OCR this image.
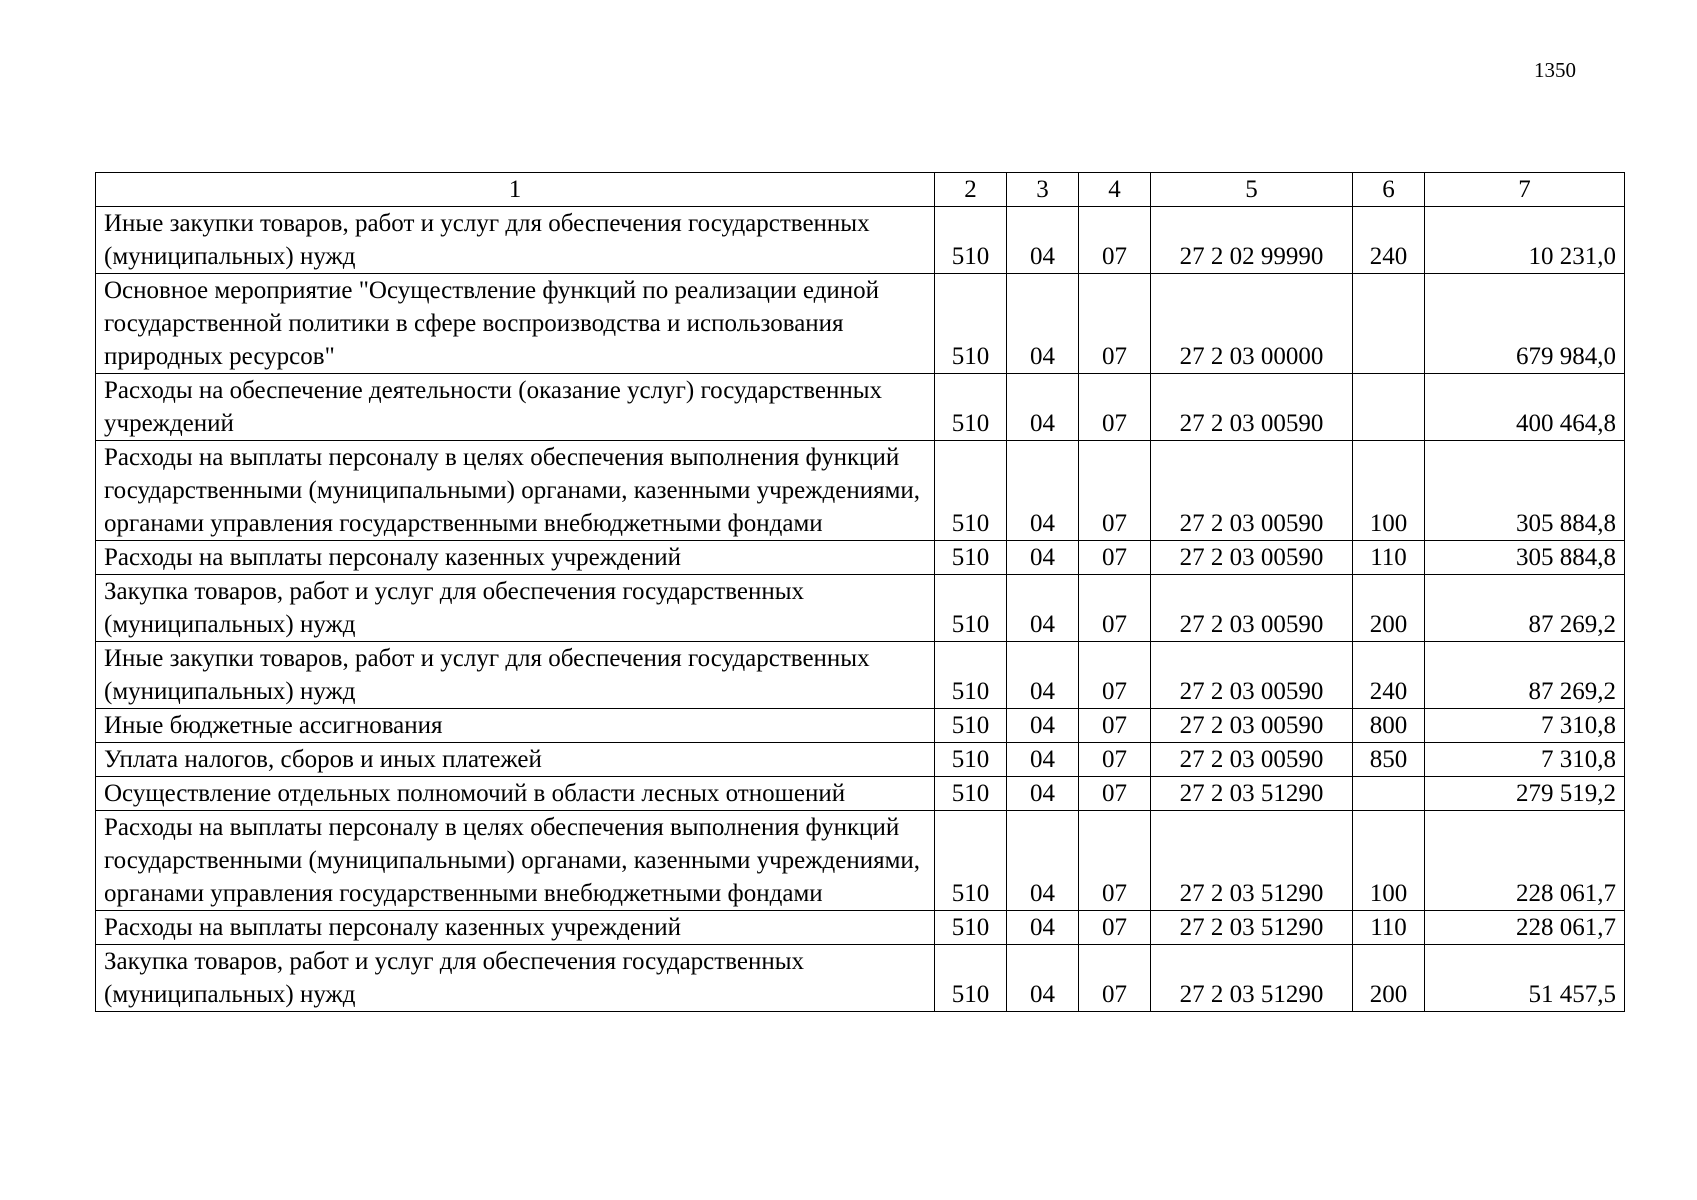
1350
1	2	3	4	5	6	7
Иные закупки товаров, работ и услуг для обеспечения государственных (муниципальных) нужд	510	04	07	27 2 02 99990	240	10 231,0
Основное мероприятие "Осуществление функций по реализации единой государственной политики в сфере воспроизводства и использования природных ресурсов"	510	04	07	27 2 03 00000		679 984,0
Расходы на обеспечение деятельности (оказание услуг) государственных учреждений	510	04	07	27 2 03 00590		400 464,8
Расходы на выплаты персоналу в целях обеспечения выполнения функций государственными (муниципальными) органами, казенными учреждениями, органами управления государственными внебюджетными фондами	510	04	07	27 2 03 00590	100	305 884,8
Расходы на выплаты персоналу казенных учреждений	510	04	07	27 2 03 00590	110	305 884,8
Закупка товаров, работ и услуг для обеспечения государственных (муниципальных) нужд	510	04	07	27 2 03 00590	200	87 269,2
Иные закупки товаров, работ и услуг для обеспечения государственных (муниципальных) нужд	510	04	07	27 2 03 00590	240	87 269,2
Иные бюджетные ассигнования	510	04	07	27 2 03 00590	800	7 310,8
Уплата налогов, сборов и иных платежей	510	04	07	27 2 03 00590	850	7 310,8
Осуществление отдельных полномочий в области лесных отношений	510	04	07	27 2 03 51290		279 519,2
Расходы на выплаты персоналу в целях обеспечения выполнения функций государственными (муниципальными) органами, казенными учреждениями, органами управления государственными внебюджетными фондами	510	04	07	27 2 03 51290	100	228 061,7
Расходы на выплаты персоналу казенных учреждений	510	04	07	27 2 03 51290	110	228 061,7
Закупка товаров, работ и услуг для обеспечения государственных (муниципальных) нужд	510	04	07	27 2 03 51290	200	51 457,5
